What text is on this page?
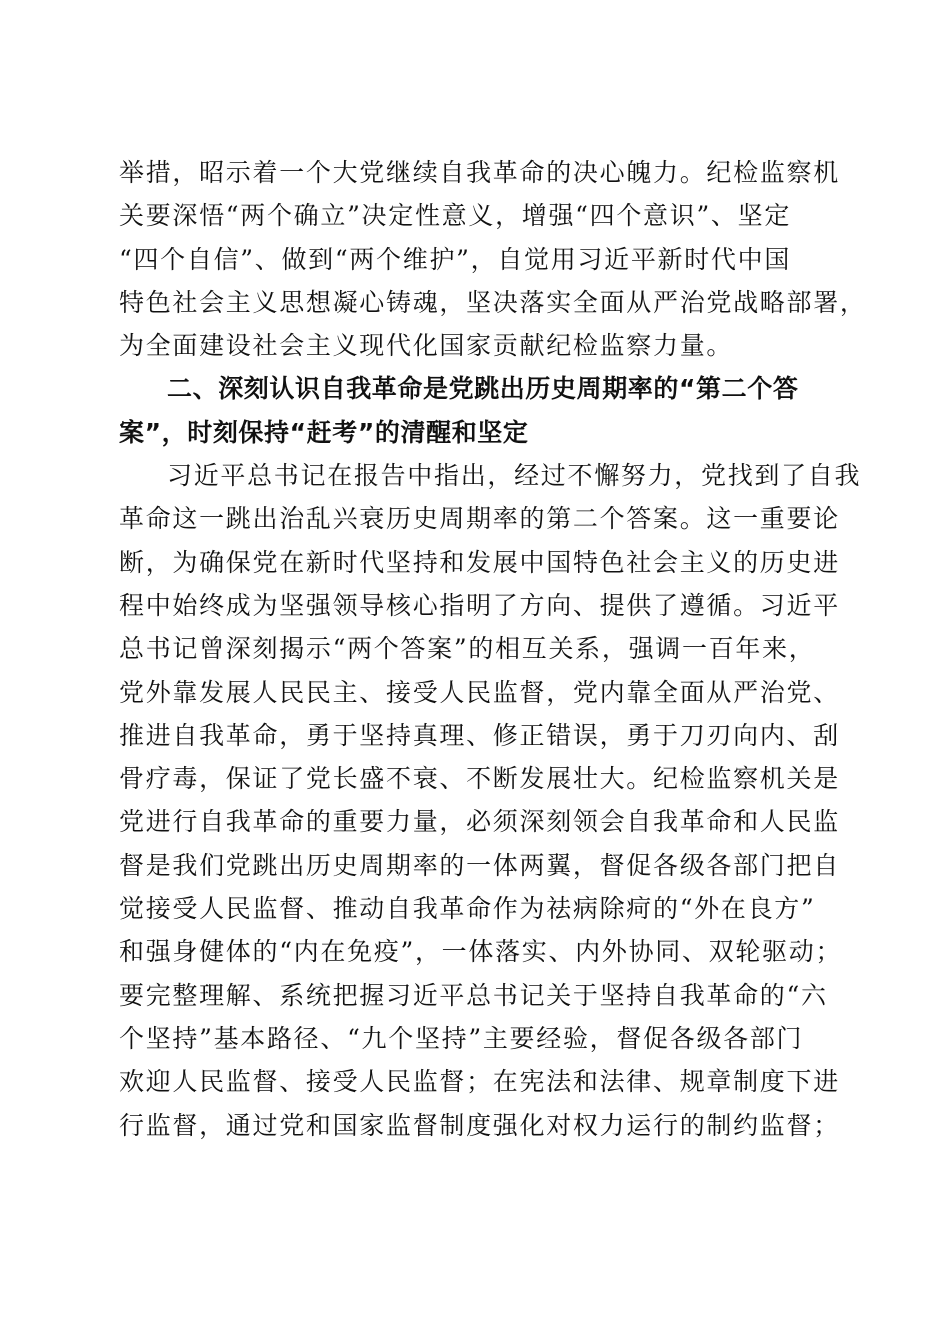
举措，昭示着一个大党继续自我革命的决心魄力。纪检监察机
关要深悟“两个确立”决定性意义，增强“四个意识”、坚定
“四个自信”、做到“两个维护”，自觉用习近平新时代中国
特色社会主义思想凝心铸魂，坚决落实全面从严治党战略部署，
为全面建设社会主义现代化国家贡献纪检监察力量。
二、深刻认识自我革命是党跳出历史周期率的“第二个答
案”，时刻保持“赶考”的清醒和坚定
习近平总书记在报告中指出，经过不懈努力，党找到了自我
革命这一跳出治乱兴衰历史周期率的第二个答案。这一重要论
断，为确保党在新时代坚持和发展中国特色社会主义的历史进
程中始终成为坚强领导核心指明了方向、提供了遵循。习近平
总书记曾深刻揭示“两个答案”的相互关系，强调一百年来，
党外靠发展人民民主、接受人民监督，党内靠全面从严治党、
推进自我革命，勇于坚持真理、修正错误，勇于刀刃向内、刮
骨疗毒，保证了党长盛不衰、不断发展壮大。纪检监察机关是
党进行自我革命的重要力量，必须深刻领会自我革命和人民监
督是我们党跳出历史周期率的一体两翼，督促各级各部门把自
觉接受人民监督、推动自我革命作为祛病除疴的“外在良方”
和强身健体的“内在免疫”，一体落实、内外协同、双轮驱动；
要完整理解、系统把握习近平总书记关于坚持自我革命的“六
个坚持”基本路径、“九个坚持”主要经验，督促各级各部门
欢迎人民监督、接受人民监督；在宪法和法律、规章制度下进
行监督，通过党和国家监督制度强化对权力运行的制约监督；
